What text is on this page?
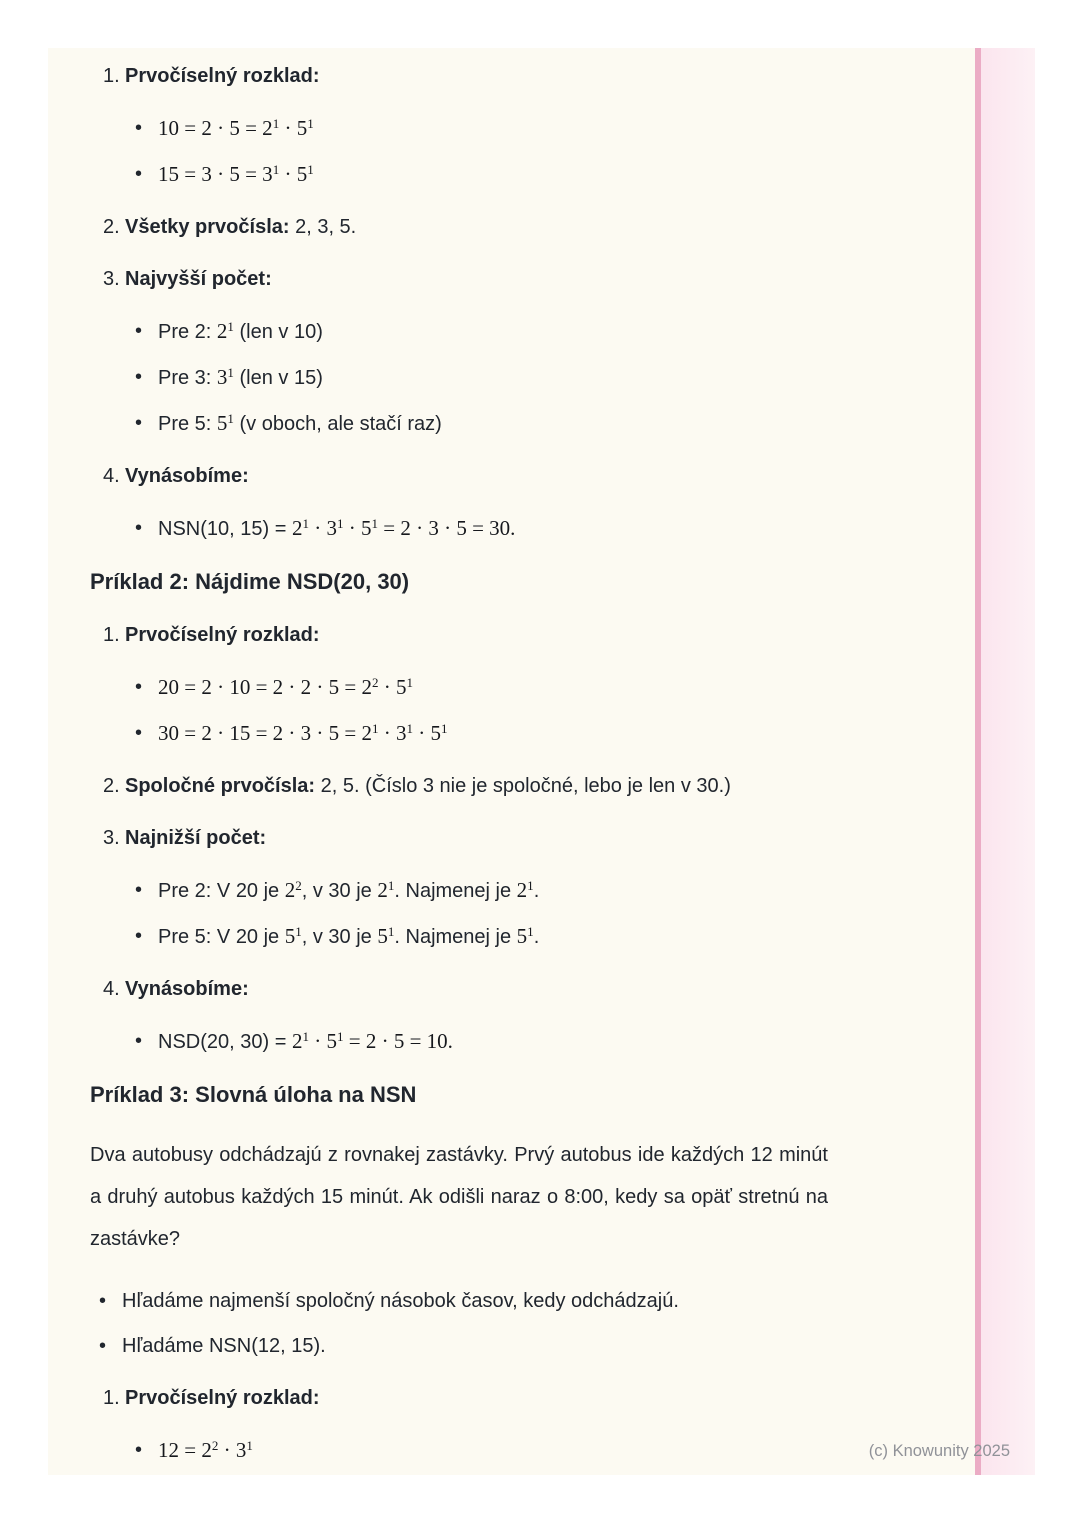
1. Prvočíselný rozklad:
• $10 = 2 \cdot 5 = 2^1 \cdot 5^1$
• $15 = 3 \cdot 5 = 3^1 \cdot 5^1$
2. Všetky prvočísla: 2, 3, 5.
3. Najvyšší počet:
• Pre 2: $2^1$ (len v 10)
• Pre 3: $3^1$ (len v 15)
• Pre 5: $5^1$ (v oboch, ale stačí raz)
4. Vynásobíme:
• NSN(10, $15) = 2^1 \cdot 3^1 \cdot 5^1 = 2 \cdot 3 \cdot 5 = 30$.
Príklad 2: Nájdime NSD(20, 30)
1. Prvočíselný rozklad:
• $20 = 2 \cdot 10 = 2 \cdot 2 \cdot 5 = 2^2 \cdot 5^1$
• $30 = 2 \cdot 15 = 2 \cdot 3 \cdot 5 = 2^1 \cdot 3^1 \cdot 5^1$
2. Spoločné prvočísla: 2, 5. (Číslo 3 nie je spoločné, lebo je len v 30.)
3. Najnižší počet:
• Pre 2: V 20 je $2^2$, v 30 je $2^1$. Najmenej je $2^1$.
• Pre 5: V 20 je $5^1$, v 30 je $5^1$. Najmenej je $5^1$.
4. Vynásobíme:
• NSD(20, $30) = 2^1 \cdot 5^1 = 2 \cdot 5 = 10$.
Príklad 3: Slovná úloha na NSN
Dva autobusy odchádzajú z rovnakej zastávky. Prvý autobus ide každých 12 minút a druhý autobus každých 15 minút. Ak odišli naraz o 8:00, kedy sa opäť stretnú na zastávke?
• Hľadáme najmenší spoločný násobok časov, kedy odchádzajú.
• Hľadáme NSN(12, 15).
1. Prvočíselný rozklad:
• $12 = 2^2 \cdot 3^1$	(c) Knowunity 2025
